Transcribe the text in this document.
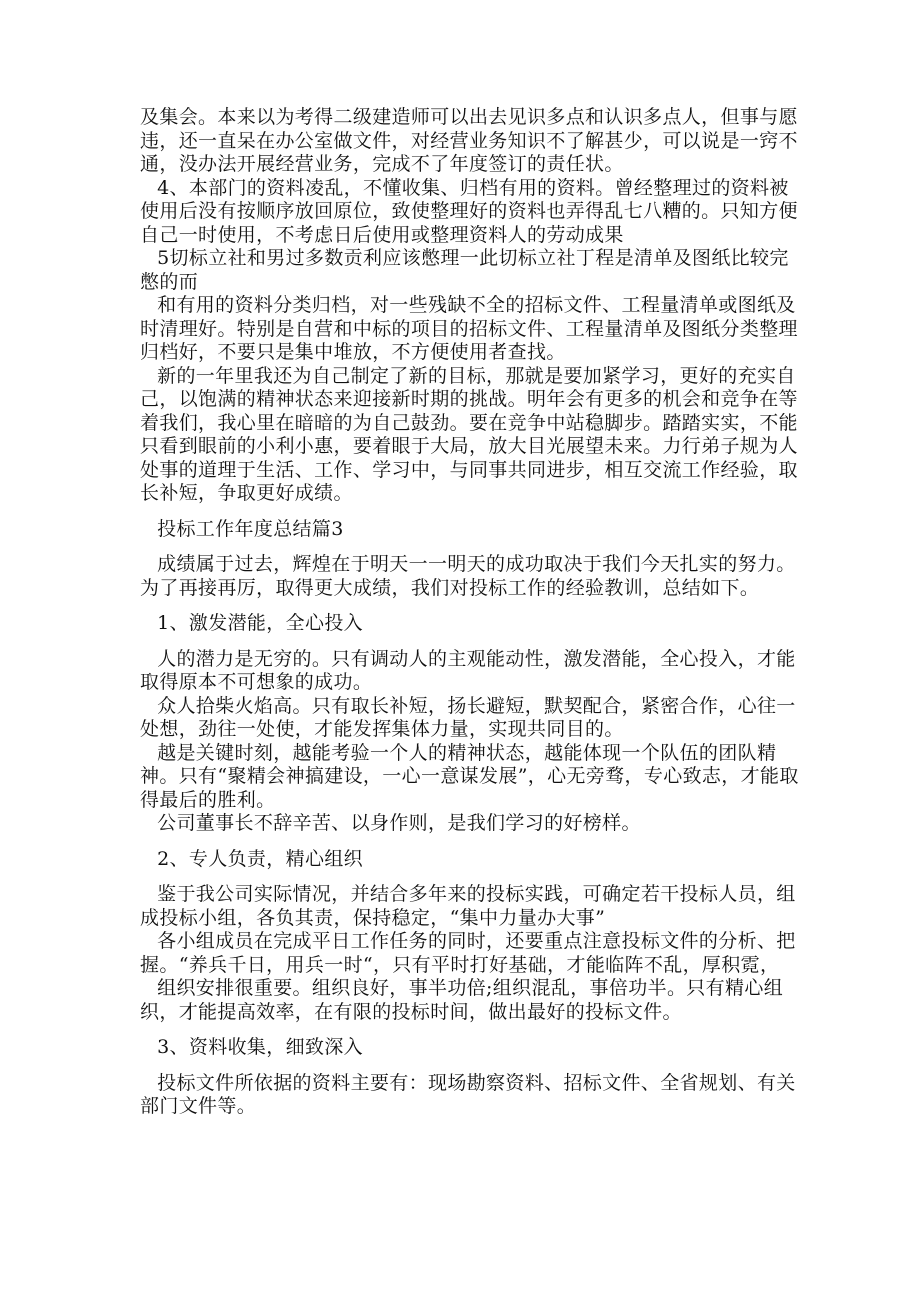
及集会。本来以为考得二级建造师可以出去见识多点和认识多点人，但事与愿违，还一直呆在办公室做文件，对经营业务知识不了解甚少，可以说是一窍不通，没办法开展经营业务，完成不了年度签订的责任状。

4、本部门的资料凌乱，不懂收集、归档有用的资料。曾经整理过的资料被使用后没有按顺序放回原位，致使整理好的资料也弄得乱七八糟的。只知方便自己一时使用，不考虑日后使用或整理资料人的劳动成果

5切标立社和男过多数贡利应该憋理一此切标立社丁程是清单及图纸比较完憋的而

和有用的资料分类归档，对一些残缺不全的招标文件、工程量清单或图纸及时清理好。特别是自营和中标的项目的招标文件、工程量清单及图纸分类整理归档好，不要只是集中堆放，不方便使用者查找。

新的一年里我还为自己制定了新的目标，那就是要加紧学习，更好的充实自己，以饱满的精神状态来迎接新时期的挑战。明年会有更多的机会和竞争在等着我们，我心里在暗暗的为自己鼓劲。要在竞争中站稳脚步。踏踏实实，不能只看到眼前的小利小惠，要着眼于大局，放大目光展望未来。力行弟子规为人处事的道理于生活、工作、学习中，与同事共同进步，相互交流工作经验，取长补短，争取更好成绩。

投标工作年度总结篇3

成绩属于过去，辉煌在于明天一一明天的成功取决于我们今天扎实的努力。为了再接再厉，取得更大成绩，我们对投标工作的经验教训，总结如下。

1、激发潜能，全心投入

人的潜力是无穷的。只有调动人的主观能动性，激发潜能，全心投入，才能取得原本不可想象的成功。

众人拾柴火焰高。只有取长补短，扬长避短，默契配合，紧密合作，心往一处想，劲往一处使，才能发挥集体力量，实现共同目的。

越是关键时刻，越能考验一个人的精神状态，越能体现一个队伍的团队精神。只有“聚精会神搞建设，一心一意谋发展”，心无旁骛，专心致志，才能取得最后的胜利。

公司董事长不辞辛苦、以身作则，是我们学习的好榜样。

2、专人负责，精心组织

鉴于我公司实际情况，并结合多年来的投标实践，可确定若干投标人员，组成投标小组，各负其责，保持稳定，“集中力量办大事”

各小组成员在完成平日工作任务的同时，还要重点注意投标文件的分析、把握。“养兵千日，用兵一时“，只有平时打好基础，才能临阵不乱，厚积霓，

组织安排很重要。组织良好，事半功倍;组织混乱，事倍功半。只有精心组织，才能提高效率，在有限的投标时间，做出最好的投标文件。

3、资料收集，细致深入

投标文件所依据的资料主要有：现场勘察资料、招标文件、全省规划、有关部门文件等。
